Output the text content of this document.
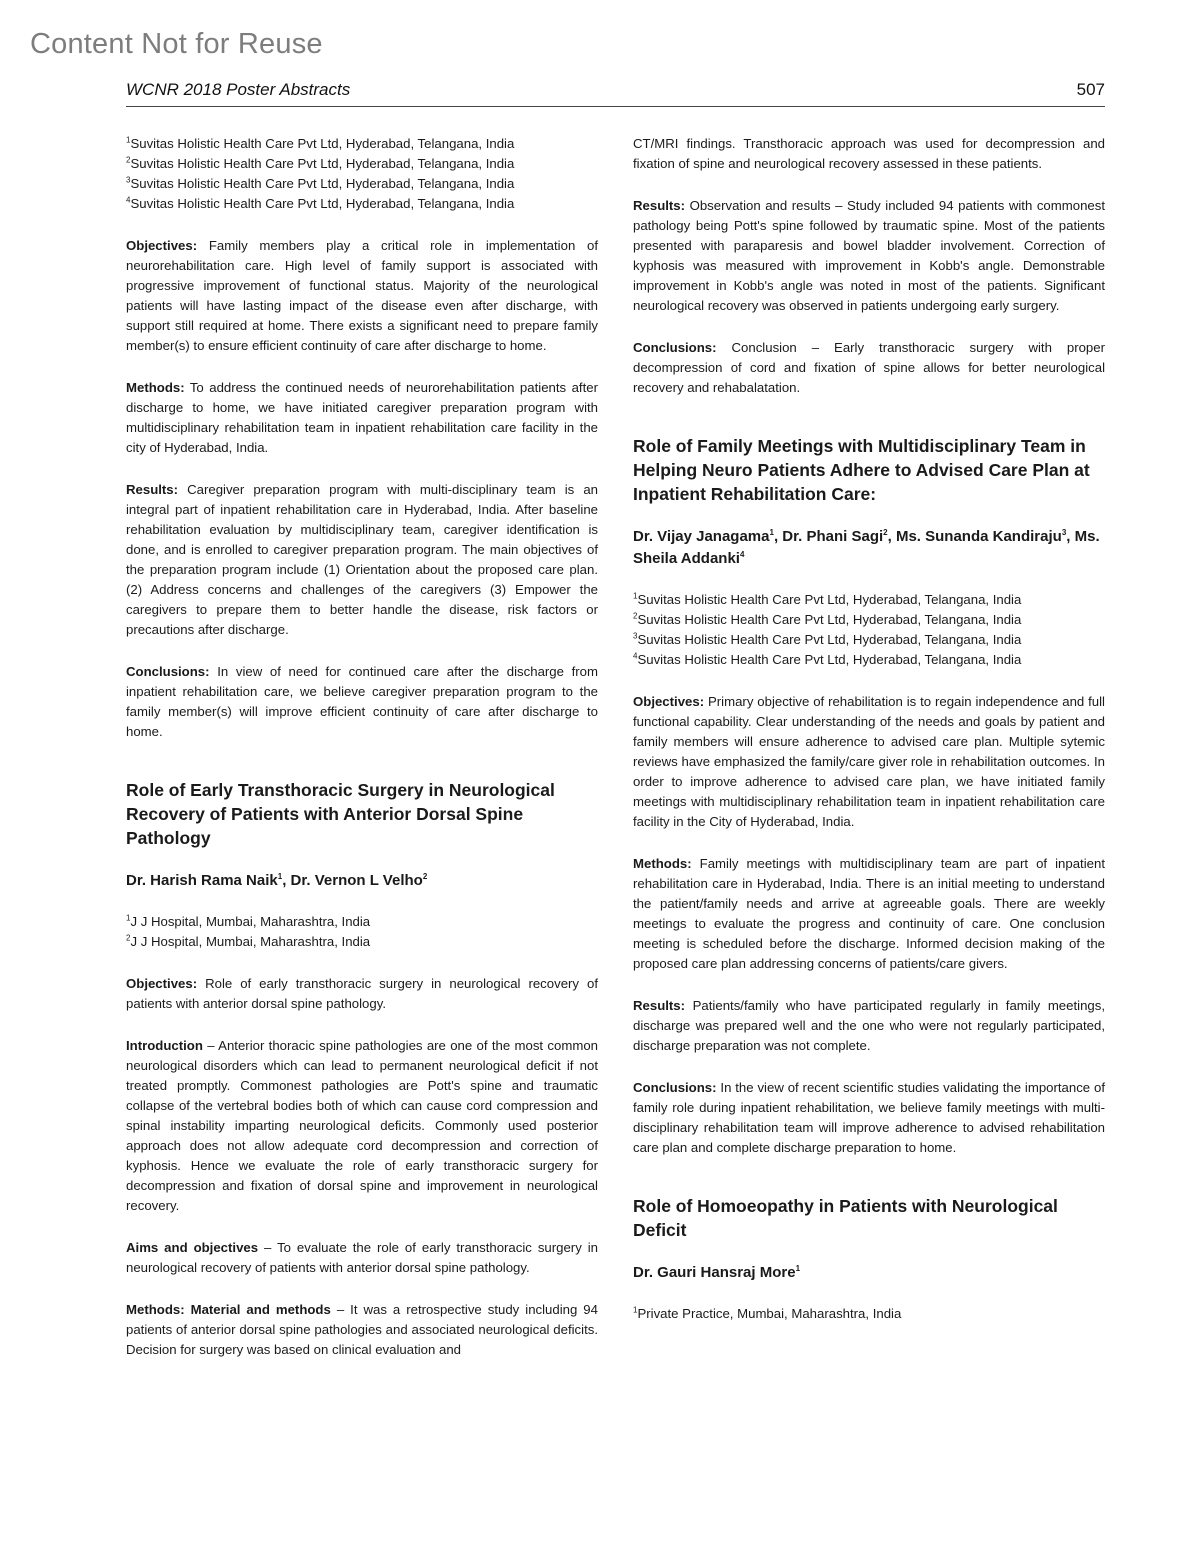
Content Not for Reuse
WCNR 2018 Poster Abstracts	507
$^1$Suvitas Holistic Health Care Pvt Ltd, Hyderabad, Telangana, India
$^2$Suvitas Holistic Health Care Pvt Ltd, Hyderabad, Telangana, India
$^3$Suvitas Holistic Health Care Pvt Ltd, Hyderabad, Telangana, India
$^4$Suvitas Holistic Health Care Pvt Ltd, Hyderabad, Telangana, India

Objectives: Family members play a critical role in implementation of neurorehabilitation care. High level of family support is associated with progressive improvement of functional status. Majority of the neurological patients will have lasting impact of the disease even after discharge, with support still required at home. There exists a significant need to prepare family member(s) to ensure efficient continuity of care after discharge to home.

Methods: To address the continued needs of neurorehabilitation patients after discharge to home, we have initiated caregiver preparation program with multidisciplinary rehabilitation team in inpatient rehabilitation care facility in the city of Hyderabad, India.

Results: Caregiver preparation program with multi-disciplinary team is an integral part of inpatient rehabilitation care in Hyderabad, India. After baseline rehabilitation evaluation by multidisciplinary team, caregiver identification is done, and is enrolled to caregiver preparation program. The main objectives of the preparation program include (1) Orientation about the proposed care plan. (2) Address concerns and challenges of the caregivers (3) Empower the caregivers to prepare them to better handle the disease, risk factors or precautions after discharge.

Conclusions: In view of need for continued care after the discharge from inpatient rehabilitation care, we believe caregiver preparation program to the family member(s) will improve efficient continuity of care after discharge to home.

Role of Early Transthoracic Surgery in Neurological Recovery of Patients with Anterior Dorsal Spine Pathology

Dr. Harish Rama Naik$^1$, Dr. Vernon L Velho$^2$

$^1$J J Hospital, Mumbai, Maharashtra, India
$^2$J J Hospital, Mumbai, Maharashtra, India

Objectives: Role of early transthoracic surgery in neurological recovery of patients with anterior dorsal spine pathology.

Introduction – Anterior thoracic spine pathologies are one of the most common neurological disorders which can lead to permanent neurological deficit if not treated promptly. Commonest pathologies are Pott's spine and traumatic collapse of the vertebral bodies both of which can cause cord compression and spinal instability imparting neurological deficits. Commonly used posterior approach does not allow adequate cord decompression and correction of kyphosis. Hence we evaluate the role of early transthoracic surgery for decompression and fixation of dorsal spine and improvement in neurological recovery.

Aims and objectives – To evaluate the role of early transthoracic surgery in neurological recovery of patients with anterior dorsal spine pathology.

Methods: Material and methods – It was a retrospective study including 94 patients of anterior dorsal spine pathologies and associated neurological deficits. Decision for surgery was based on clinical evaluation and

CT/MRI findings. Transthoracic approach was used for decompression and fixation of spine and neurological recovery assessed in these patients.

Results: Observation and results – Study included 94 patients with commonest pathology being Pott's spine followed by traumatic spine. Most of the patients presented with paraparesis and bowel bladder involvement. Correction of kyphosis was measured with improvement in Kobb's angle. Demonstrable improvement in Kobb's angle was noted in most of the patients. Significant neurological recovery was observed in patients undergoing early surgery.

Conclusions: Conclusion – Early transthoracic surgery with proper decompression of cord and fixation of spine allows for better neurological recovery and rehabalatation.

Role of Family Meetings with Multidisciplinary Team in Helping Neuro Patients Adhere to Advised Care Plan at Inpatient Rehabilitation Care:

Dr. Vijay Janagama$^1$, Dr. Phani Sagi$^2$, Ms. Sunanda Kandiraju$^3$, Ms. Sheila Addanki$^4$

$^1$Suvitas Holistic Health Care Pvt Ltd, Hyderabad, Telangana, India
$^2$Suvitas Holistic Health Care Pvt Ltd, Hyderabad, Telangana, India
$^3$Suvitas Holistic Health Care Pvt Ltd, Hyderabad, Telangana, India
$^4$Suvitas Holistic Health Care Pvt Ltd, Hyderabad, Telangana, India

Objectives: Primary objective of rehabilitation is to regain independence and full functional capability. Clear understanding of the needs and goals by patient and family members will ensure adherence to advised care plan. Multiple sytemic reviews have emphasized the family/care giver role in rehabilitation outcomes. In order to improve adherence to advised care plan, we have initiated family meetings with multidisciplinary rehabilitation team in inpatient rehabilitation care facility in the City of Hyderabad, India.

Methods: Family meetings with multidisciplinary team are part of inpatient rehabilitation care in Hyderabad, India. There is an initial meeting to understand the patient/family needs and arrive at agreeable goals. There are weekly meetings to evaluate the progress and continuity of care. One conclusion meeting is scheduled before the discharge. Informed decision making of the proposed care plan addressing concerns of patients/care givers.

Results: Patients/family who have participated regularly in family meetings, discharge was prepared well and the one who were not regularly participated, discharge preparation was not complete.

Conclusions: In the view of recent scientific studies validating the importance of family role during inpatient rehabilitation, we believe family meetings with multi-disciplinary rehabilitation team will improve adherence to advised rehabilitation care plan and complete discharge preparation to home.

Role of Homoeopathy in Patients with Neurological Deficit

Dr. Gauri Hansraj More$^1$

$^1$Private Practice, Mumbai, Maharashtra, India
